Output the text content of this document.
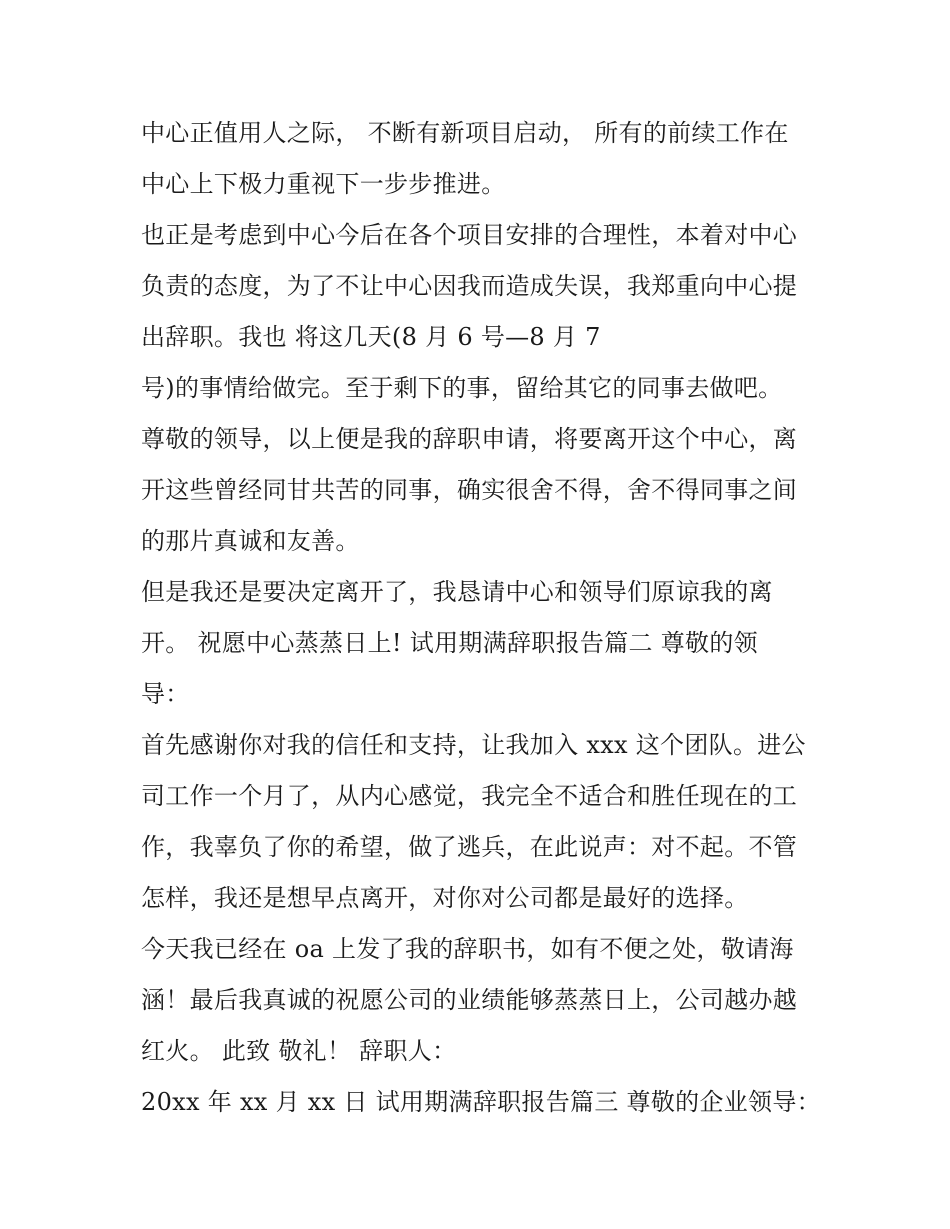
中心正值用人之际， 不断有新项目启动， 所有的前续工作在
中心上下极力重视下一步步推进。
也正是考虑到中心今后在各个项目安排的合理性，本着对中心
负责的态度，为了不让中心因我而造成失误，我郑重向中心提
出辞职。我也 将这几天(8 月 6 号—8 月 7
号)的事情给做完。至于剩下的事，留给其它的同事去做吧。
尊敬的领导，以上便是我的辞职申请，将要离开这个中心，离
开这些曾经同甘共苦的同事，确实很舍不得，舍不得同事之间
的那片真诚和友善。
但是我还是要决定离开了，我恳请中心和领导们原谅我的离
开。 祝愿中心蒸蒸日上! 试用期满辞职报告篇二 尊敬的领
导：
首先感谢你对我的信任和支持，让我加入 xxx 这个团队。进公
司工作一个月了，从内心感觉，我完全不适合和胜任现在的工
作，我辜负了你的希望，做了逃兵，在此说声：对不起。不管
怎样，我还是想早点离开，对你对公司都是最好的选择。
今天我已经在 oa 上发了我的辞职书，如有不便之处，敬请海
涵！最后我真诚的祝愿公司的业绩能够蒸蒸日上，公司越办越
红火。 此致 敬礼！ 辞职人：
20xx 年 xx 月 xx 日 试用期满辞职报告篇三 尊敬的企业领导：
